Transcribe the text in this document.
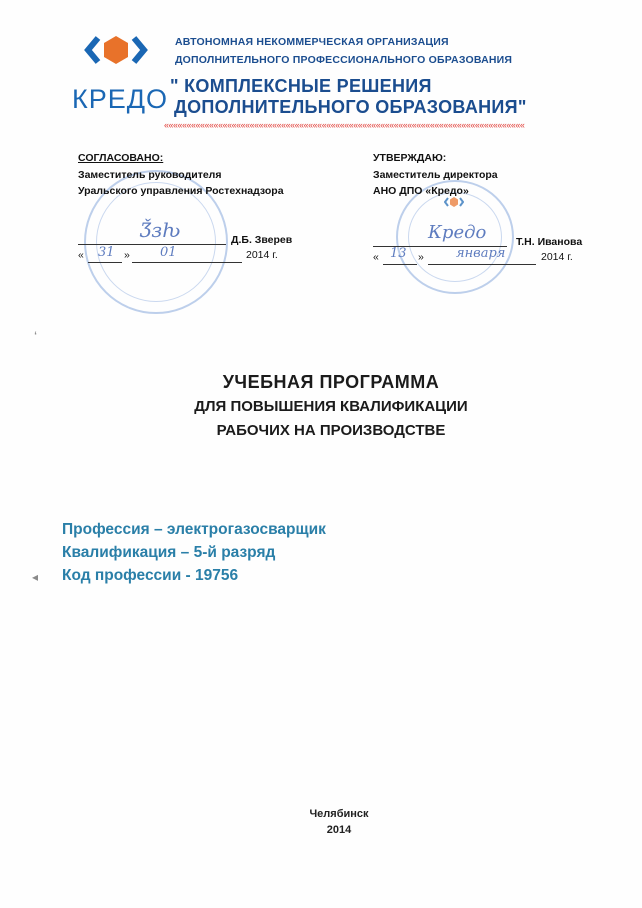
КРЕДО
АВТОНОМНАЯ НЕКОММЕРЧЕСКАЯ ОРГАНИЗАЦИЯ
ДОПОЛНИТЕЛЬНОГО ПРОФЕССИОНАЛЬНОГО ОБРАЗОВАНИЯ
" КОМПЛЕКСНЫЕ РЕШЕНИЯ
ДОПОЛНИТЕЛЬНОГО ОБРАЗОВАНИЯ"
««««««««««««««««««««««««««««««««««««««««««««««««««««««««««««««««««««««««««««««««
СОГЛАСОВАНО:
Заместитель руководителя
Уральского управления Ростехнадзора
Д.Б. Зверев
Ǯзƕ
« 31 » 01	2014 г.
УТВЕРЖДАЮ:
Заместитель директора
АНО ДПО «Кредо»
Т.Н. Иванова
Кредо
« 13 » января	2014 г.
‘
◂
УЧЕБНАЯ ПРОГРАММА
ДЛЯ ПОВЫШЕНИЯ КВАЛИФИКАЦИИ
РАБОЧИХ НА ПРОИЗВОДСТВЕ
Профессия – электрогазосварщик
Квалификация – 5-й разряд
Код профессии - 19756
Челябинск
2014
